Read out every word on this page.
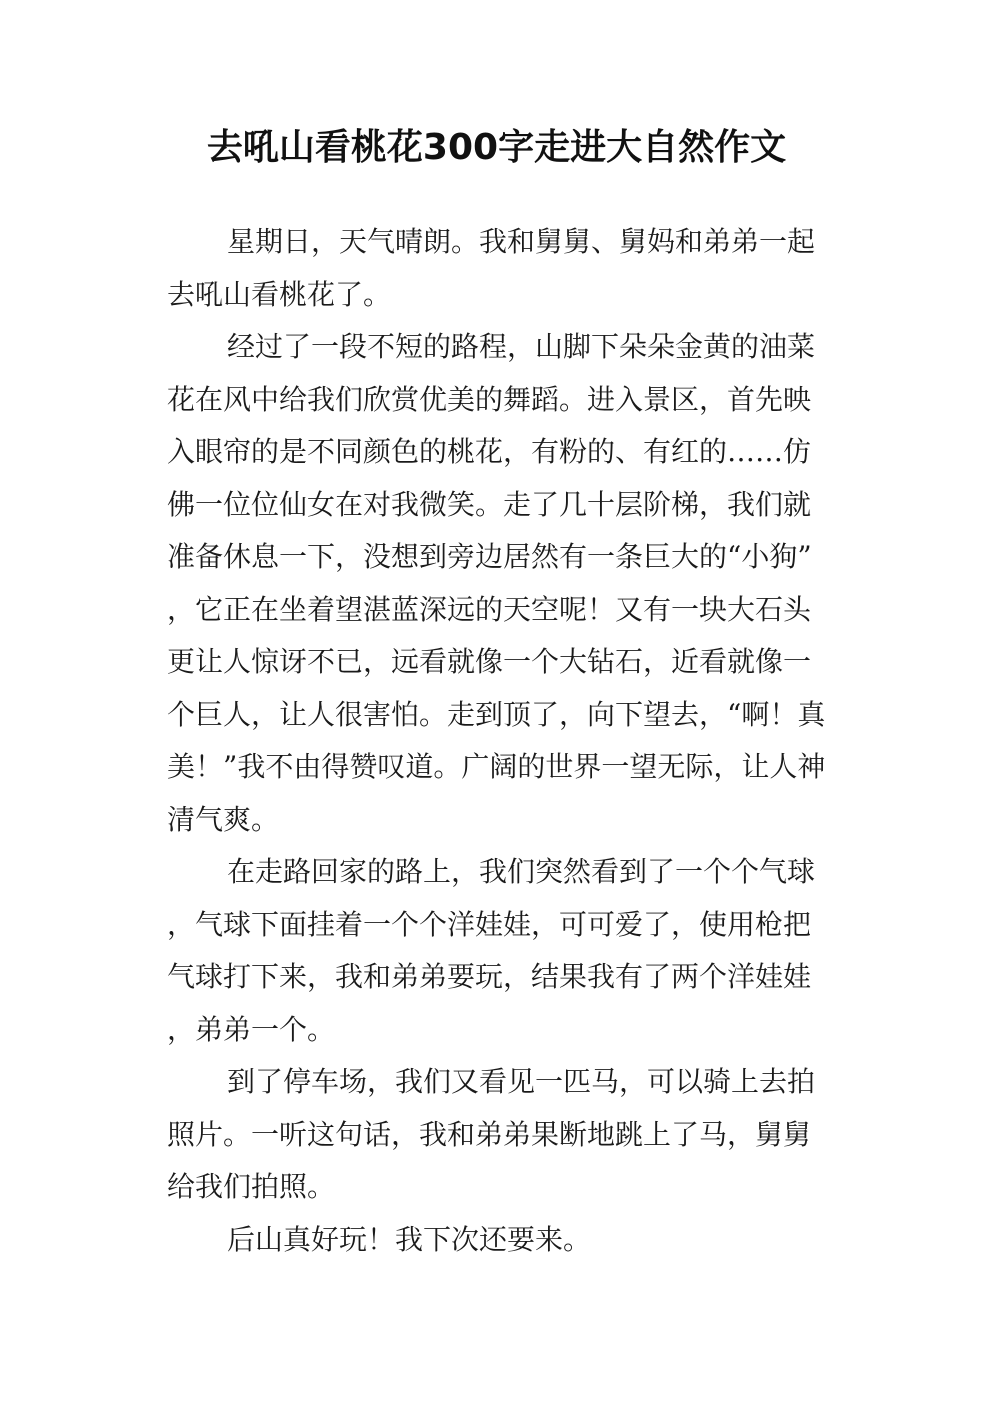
去吼山看桃花300字走进大自然作文

星期日，天气晴朗。我和舅舅、舅妈和弟弟一起去吼山看桃花了。

经过了一段不短的路程，山脚下朵朵金黄的油菜花在风中给我们欣赏优美的舞蹈。进入景区，首先映入眼帘的是不同颜色的桃花，有粉的、有红的……仿佛一位位仙女在对我微笑。走了几十层阶梯，我们就准备休息一下，没想到旁边居然有一条巨大的“小狗”，它正在坐着望湛蓝深远的天空呢！又有一块大石头更让人惊讶不已，远看就像一个大钻石，近看就像一个巨人，让人很害怕。走到顶了，向下望去，“啊！真美！”我不由得赞叹道。广阔的世界一望无际，让人神清气爽。

在走路回家的路上，我们突然看到了一个个气球，气球下面挂着一个个洋娃娃，可可爱了，使用枪把气球打下来，我和弟弟要玩，结果我有了两个洋娃娃，弟弟一个。

到了停车场，我们又看见一匹马，可以骑上去拍照片。一听这句话，我和弟弟果断地跳上了马，舅舅给我们拍照。

后山真好玩！我下次还要来。
